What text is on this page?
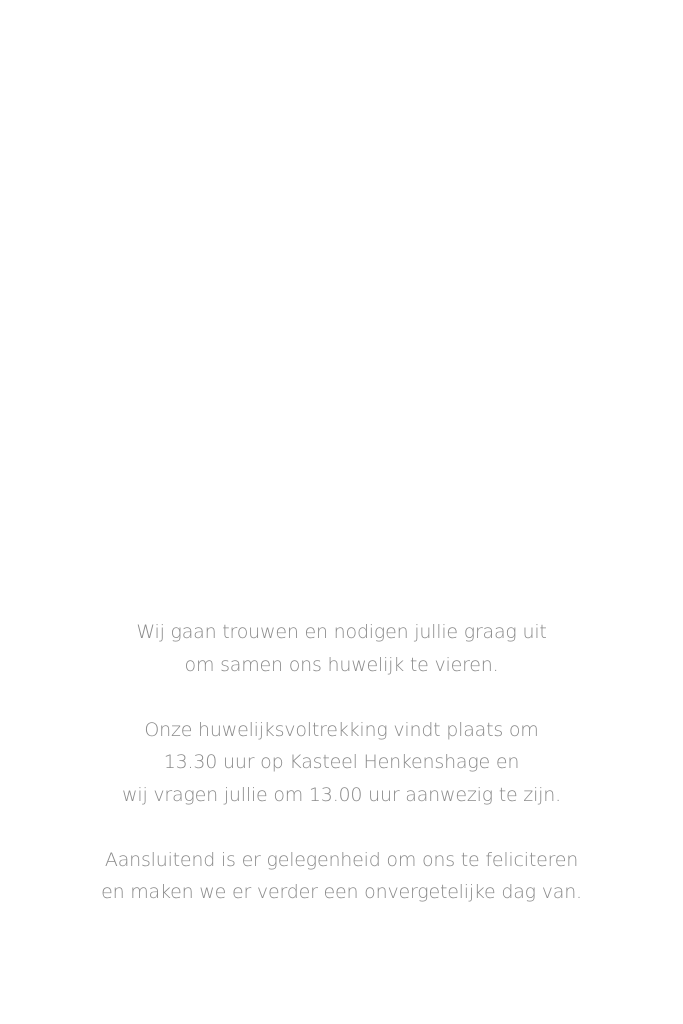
Wij gaan trouwen en nodigen jullie graag uit
om samen ons huwelijk te vieren.

Onze huwelijksvoltrekking vindt plaats om
13.30 uur op Kasteel Henkenshage en
wij vragen jullie om 13.00 uur aanwezig te zijn.

Aansluitend is er gelegenheid om ons te feliciteren
en maken we er verder een onvergetelijke dag van.
